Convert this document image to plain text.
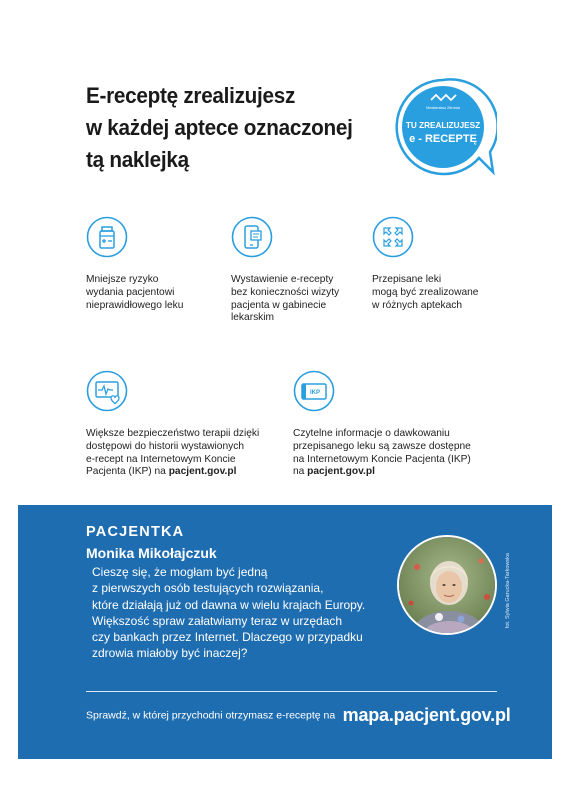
E-receptę zrealizujesz
w każdej aptece oznaczonej
tą naklejką
Ministerstwo Zdrowia
TU ZREALIZUJESZ
e - RECEPTĘ
Mniejsze ryzyko
wydania pacjentowi
nieprawidłowego leku
Wystawienie e-recepty
bez konieczności wizyty
pacjenta w gabinecie
lekarskim
Przepisane leki
mogą być zrealizowane
w różnych aptekach
IKP
Większe bezpieczeństwo terapii dzięki
dostępowi do historii wystawionych
e-recept na Internetowym Koncie
Pacjenta (IKP) na pacjent.gov.pl
Czytelne informacje o dawkowaniu
przepisanego leku są zawsze dostępne
na Internetowym Koncie Pacjenta (IKP)
na pacjent.gov.pl
PACJENTKA
Monika Mikołajczuk
Cieszę się, że mogłam być jedną
z pierwszych osób testujących rozwiązania,
które działają już od dawna w wielu krajach Europy.
Większość spraw załatwiamy teraz w urzędach
czy bankach przez Internet. Dlaczego w przypadku
zdrowia miałoby być inaczej?
fot. Sylwia Garucka-Tarkowska
Sprawdź, w której przychodni otrzymasz e-receptę na mapa.pacjent.gov.pl
